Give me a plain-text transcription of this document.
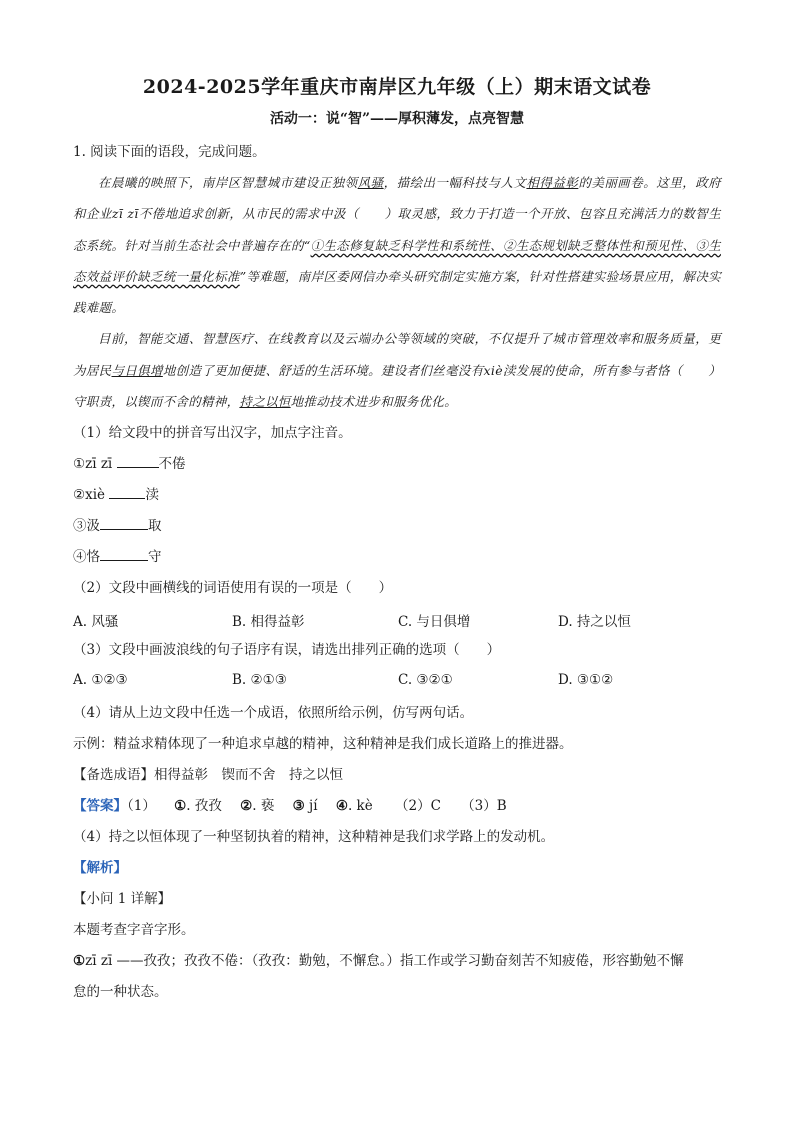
2024-2025学年重庆市南岸区九年级（上）期末语文试卷
活动一：说“智”——厚积薄发，点亮智慧
1. 阅读下面的语段，完成问题。

在晨曦的映照下，南岸区智慧城市建设正独领风骚，描绘出一幅科技与人文相得益彰的美丽画卷。这里，政府和企业zī zī不倦地追求创新，从市民的需求中汲（　　）取灵感，致力于打造一个开放、包容且充满活力的数智生态系统。针对当前生态社会中普遍存在的“①生态修复缺乏科学性和系统性、②生态规划缺乏整体性和预见性、③生态效益评价缺乏统一量化标准”等难题，南岸区委网信办牵头研究制定实施方案，针对性搭建实验场景应用，解决实践难题。

目前，智能交通、智慧医疗、在线教育以及云端办公等领域的突破，不仅提升了城市管理效率和服务质量，更为居民与日俱增地创造了更加便捷、舒适的生活环境。建设者们丝毫没有xiè渎发展的使命，所有参与者恪（　　）守职责，以锲而不舍的精神，持之以恒地推动技术进步和服务优化。

（1）给文段中的拼音写出汉字，加点字注音。
①zī zī	不倦
②xiè	渎
③汲	取
④恪	守
（2）文段中画横线的词语使用有误的一项是（　　）
A. 风骚	B. 相得益彰	C. 与日俱增	D. 持之以恒
（3）文段中画波浪线的句子语序有误，请选出排列正确的选项（　　）
A. ①②③	B. ②①③	C. ③②①	D. ③①②
（4）请从上边文段中任选一个成语，依照所给示例，仿写两句话。
示例：精益求精体现了一种追求卓越的精神，这种精神是我们成长道路上的推进器。
【备选成语】相得益彰　锲而不舍　持之以恒
【答案】（1） ①. 孜孜 ②. 亵 ③ jí ④. kè （2）C　　（3）B
（4）持之以恒体现了一种坚韧执着的精神，这种精神是我们求学路上的发动机。
【解析】
【小问 1 详解】
本题考查字音字形。
①zī zī ——孜孜；孜孜不倦：（孜孜：勤勉，不懈怠。）指工作或学习勤奋刻苦不知疲倦，形容勤勉不懈
怠的一种状态。
